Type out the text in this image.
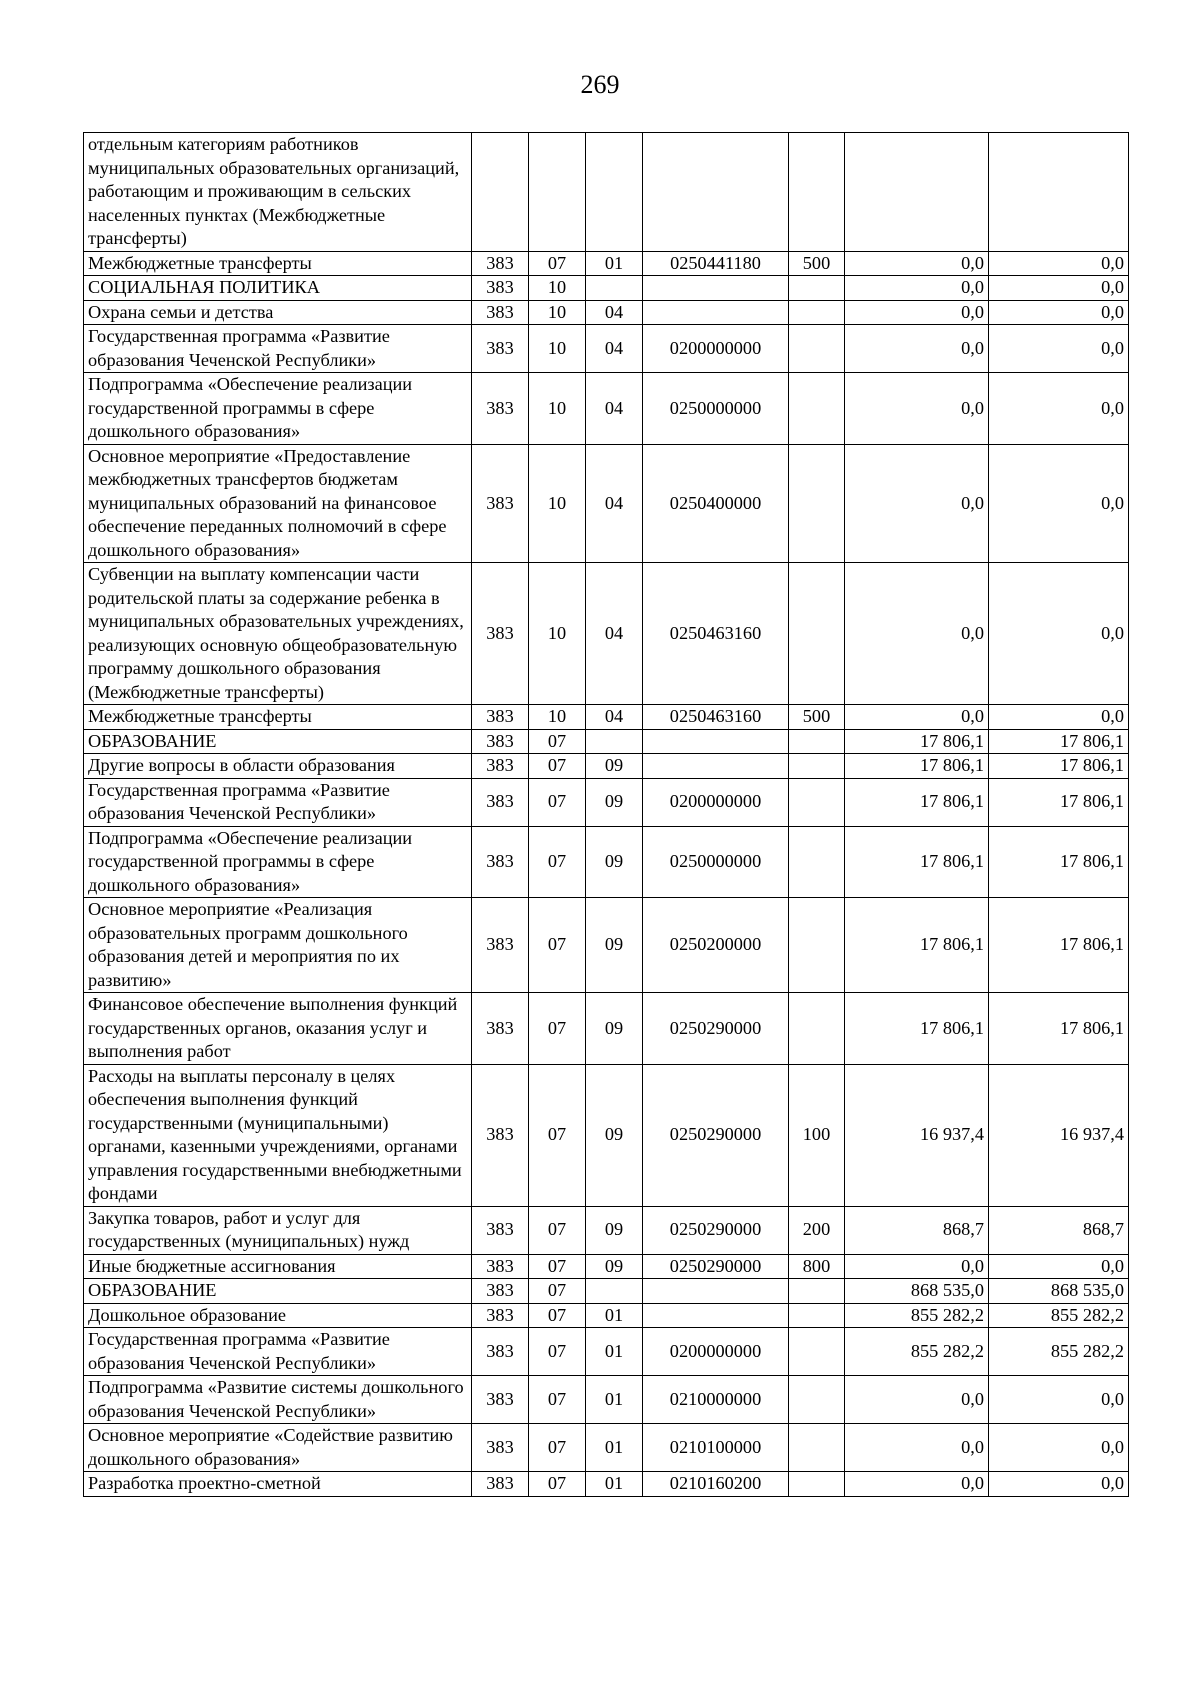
269
отдельным категориям работников муниципальных образовательных организаций, работающим и проживающим в сельских населенных пунктах (Межбюджетные трансферты)							
Межбюджетные трансферты	383	07	01	0250441180	500	0,0	0,0
СОЦИАЛЬНАЯ ПОЛИТИКА	383	10				0,0	0,0
Охрана семьи и детства	383	10	04			0,0	0,0
Государственная программа «Развитие образования Чеченской Республики»	383	10	04	0200000000		0,0	0,0
Подпрограмма «Обеспечение реализации государственной программы в сфере дошкольного образования»	383	10	04	0250000000		0,0	0,0
Основное мероприятие «Предоставление межбюджетных трансфертов бюджетам муниципальных образований на финансовое обеспечение переданных полномочий в сфере дошкольного образования»	383	10	04	0250400000		0,0	0,0
Субвенции на выплату компенсации части родительской платы за содержание ребенка в муниципальных образовательных учреждениях, реализующих основную общеобразовательную программу дошкольного образования (Межбюджетные трансферты)	383	10	04	0250463160		0,0	0,0
Межбюджетные трансферты	383	10	04	0250463160	500	0,0	0,0
ОБРАЗОВАНИЕ	383	07				17 806,1	17 806,1
Другие вопросы в области образования	383	07	09			17 806,1	17 806,1
Государственная программа «Развитие образования Чеченской Республики»	383	07	09	0200000000		17 806,1	17 806,1
Подпрограмма «Обеспечение реализации государственной программы в сфере дошкольного образования»	383	07	09	0250000000		17 806,1	17 806,1
Основное мероприятие «Реализация образовательных программ дошкольного образования детей и мероприятия по их развитию»	383	07	09	0250200000		17 806,1	17 806,1
Финансовое обеспечение выполнения функций государственных органов, оказания услуг и выполнения работ	383	07	09	0250290000		17 806,1	17 806,1
Расходы на выплаты персоналу в целях обеспечения выполнения функций государственными (муниципальными) органами, казенными учреждениями, органами управления государственными внебюджетными фондами	383	07	09	0250290000	100	16 937,4	16 937,4
Закупка товаров, работ и услуг для государственных (муниципальных) нужд	383	07	09	0250290000	200	868,7	868,7
Иные бюджетные ассигнования	383	07	09	0250290000	800	0,0	0,0
ОБРАЗОВАНИЕ	383	07				868 535,0	868 535,0
Дошкольное образование	383	07	01			855 282,2	855 282,2
Государственная программа «Развитие образования Чеченской Республики»	383	07	01	0200000000		855 282,2	855 282,2
Подпрограмма «Развитие системы дошкольного образования Чеченской Республики»	383	07	01	0210000000		0,0	0,0
Основное мероприятие «Содействие развитию дошкольного образования»	383	07	01	0210100000		0,0	0,0
Разработка проектно-сметной	383	07	01	0210160200		0,0	0,0
